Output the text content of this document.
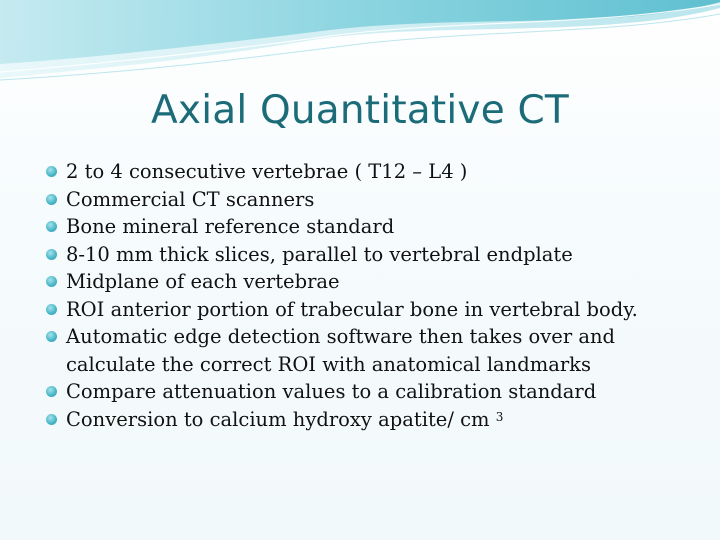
Axial Quantitative CT
2 to 4 consecutive vertebrae ( T12 – L4 )
Commercial CT scanners
Bone mineral reference standard
8-10 mm thick slices, parallel to vertebral endplate
Midplane of each vertebrae
ROI anterior portion of trabecular bone in vertebral body.
Automatic edge detection software then takes over and calculate the correct ROI with anatomical landmarks
Compare attenuation values to a calibration standard
Conversion to calcium hydroxy apatite/ cm $^3$
